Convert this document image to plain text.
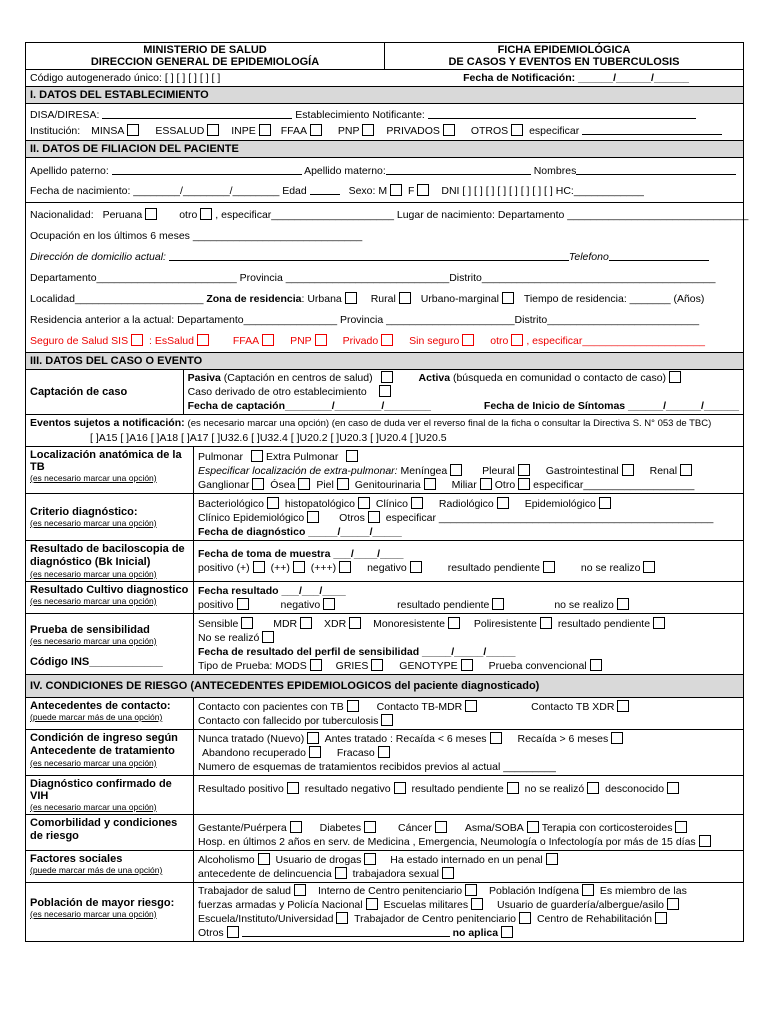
MINISTERIO DE SALUD
DIRECCION GENERAL DE EPIDEMIOLOGÍA
FICHA EPIDEMIOLÓGICA
DE CASOS Y EVENTOS EN TUBERCULOSIS
Código autogenerado único: [ ] [ ] [ ] [ ] [ ]	Fecha de Notificación: ______/______/______
I. DATOS DEL ESTABLECIMIENTO
DISA/DIRESA:	Establecimiento Notificante:
Institución: MINSA	ESSALUD	INPE FFAA	PNP	PRIVADOS	OTROS especificar
II. DATOS DE FILIACION DEL PACIENTE
Apellido paterno:	Apellido materno:	Nombres
Fecha de nacimiento: ________/________/________ Edad	Sexo: M F	DNI [ ] [ ] [ ] [ ] [ ] [ ] [ ] [ ] HC:____________
Nacionalidad: Peruana	otro , especificar_____________________ Lugar de nacimiento: Departamento _______________________________
Ocupación en los últimos 6 meses _____________________________
Dirección de domicilio actual:	Telefono
Departamento________________________ Provincia ____________________________Distrito________________________________________
Localidad______________________ Zona de residencia: Urbana	Rural Urbano-marginal Tiempo de residencia: _______ (Años)
Residencia anterior a la actual: Departamento________________ Provincia ______________________Distrito__________________________
Seguro de Salud SIS : EsSalud	FFAA	PNP	Privado	Sin seguro	otro , especificar_____________________
III. DATOS DEL CASO O EVENTO
Captación de caso
Pasiva (Captación en centros de salud)	Activa (búsqueda en comunidad o contacto de caso)
Caso derivado de otro establecimiento
Fecha de captación________/________/________	Fecha de Inicio de Síntomas ______/______/______
Eventos sujetos a notificación: (es necesario marcar una opción) (en caso de duda ver el reverso final de la ficha o consultar la Directiva S. N° 053 de TBC)
[ ]A15 [ ]A16 [ ]A18 [ ]A17 [ ]U32.6 [ ]U32.4 [ ]U20.2 [ ]U20.3 [ ]U20.4 [ ]U20.5
Localización anatómica de la TB
(es necesario marcar una opción)
Pulmonar Extra Pulmonar
Especificar localización de extra-pulmonar: Meníngea	Pleural	Gastrointestinal	Renal
Ganglionar Ósea Piel Genitourinaria	Miliar Otro especificar___________________
Criterio diagnóstico:
(es necesario marcar una opción)
Bacteriológico histopatológico Clínico	Radiológico	Epidemiológico
Clínico Epidemiológico	Otros especificar _______________________________________________
Fecha de diagnóstico _____/_____/_____
Resultado de baciloscopia de diagnóstico (Bk Inicial)
(es necesario marcar una opción)
Fecha de toma de muestra ___/____/____
positivo (+) (++) (+++)	negativo	resultado pendiente	no se realizo
Resultado Cultivo diagnostico
(es necesario marcar una opción)
Fecha resultado ___/___/____
positivo	negativo	resultado pendiente	no se realizo
Prueba de sensibilidad
(es necesario marcar una opción)
Código INS____________
Sensible	MDR	XDR	Monoresistente	Poliresistente resultado pendiente
No se realizó
Fecha de resultado del perfil de sensibilidad _____/_____/_____
Tipo de Prueba: MODS	GRIES	GENOTYPE	Prueba convencional
IV. CONDICIONES DE RIESGO (ANTECEDENTES EPIDEMIOLOGICOS del paciente diagnosticado)
Antecedentes de contacto:
(puede marcar más de una opción)
Contacto con pacientes con TB	Contacto TB-MDR	Contacto TB XDR
Contacto con fallecido por tuberculosis
Condición de ingreso según Antecedente de tratamiento
(es necesario marcar una opción)
Nunca tratado (Nuevo) Antes tratado : Recaída < 6 meses	Recaída > 6 meses
Abandono recuperado	Fracaso
Numero de esquemas de tratamientos recibidos previos al actual _________
Diagnóstico confirmado de VIH
(es necesario marcar una opción)
Resultado positivo resultado negativo resultado pendiente no se realizó desconocido
Comorbilidad y condiciones de riesgo
Gestante/Puérpera	Diabetes	Cáncer	Asma/SOBA Terapia con corticosteroides
Hosp. en últimos 2 años en serv. de Medicina , Emergencia, Neumología o Infectología por más de 15 días
Factores sociales
(puede marcar más de una opción)
Alcoholismo Usuario de drogas	Ha estado internado en un penal
antecedente de delincuencia trabajadora sexual
Población de mayor riesgo:
(es necesario marcar una opción)
Trabajador de salud	Interno de Centro penitenciario	Población Indígena Es miembro de las
fuerzas armadas y Policía Nacional Escuelas militares	Usuario de guardería/albergue/asilo
Escuela/Instituto/Universidad Trabajador de Centro penitenciario Centro de Rehabilitación
Otros	no aplica
